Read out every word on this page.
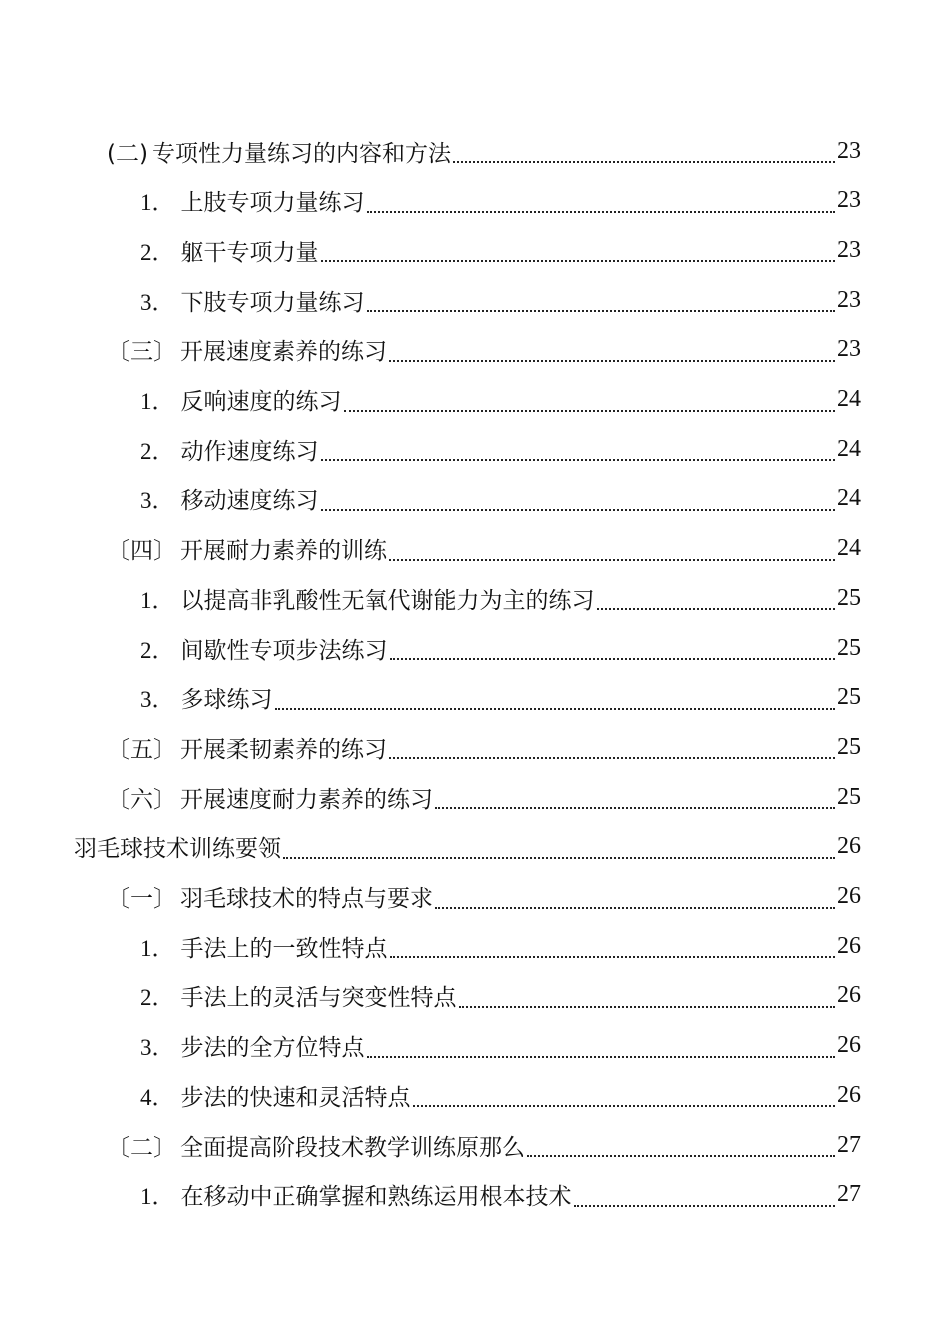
(二) 专项性力量练习的内容和方法	23
1． 上肢专项力量练习	23
2． 躯干专项力量	23
3． 下肢专项力量练习	23
〔三〕 开展速度素养的练习	23
1． 反响速度的练习	24
2． 动作速度练习	24
3． 移动速度练习	24
〔四〕 开展耐力素养的训练	24
1． 以提高非乳酸性无氧代谢能力为主的练习	25
2． 间歇性专项步法练习	25
3． 多球练习	25
〔五〕 开展柔韧素养的练习	25
〔六〕 开展速度耐力素养的练习	25
羽毛球技术训练要领	26
〔一〕 羽毛球技术的特点与要求	26
1． 手法上的一致性特点	26
2． 手法上的灵活与突变性特点	26
3． 步法的全方位特点	26
4． 步法的快速和灵活特点	26
〔二〕 全面提高阶段技术教学训练原那么	27
1． 在移动中正确掌握和熟练运用根本技术	27
